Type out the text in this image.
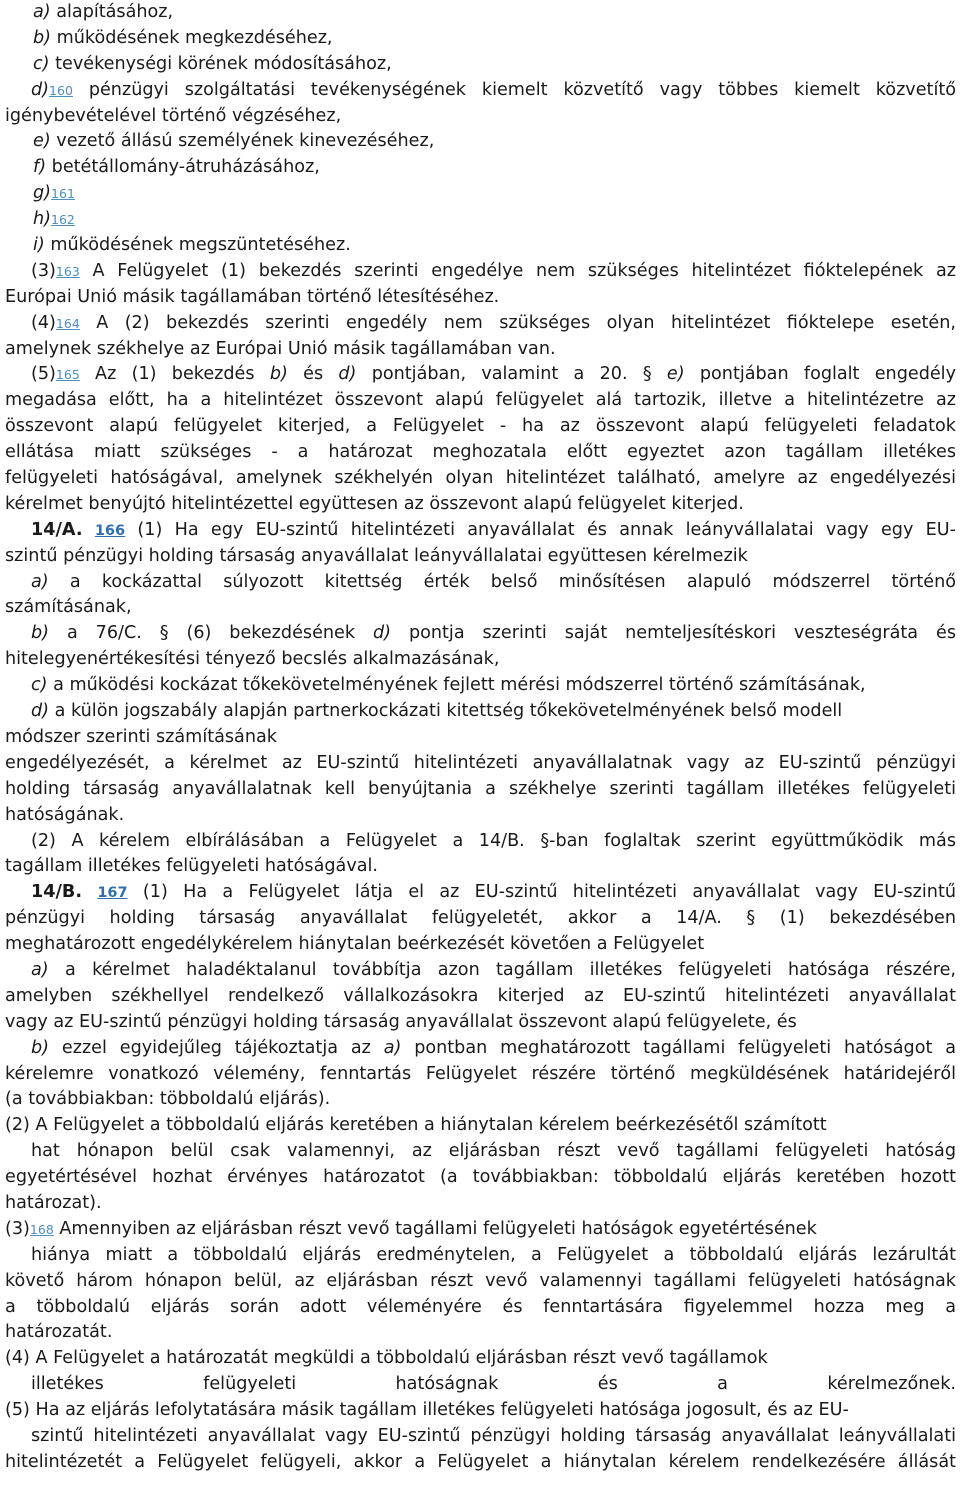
a) alapításához,
b) működésének megkezdéséhez,
c) tevékenységi körének módosításához,
d)160 pénzügyi szolgáltatási tevékenységének kiemelt közvetítő vagy többes kiemelt közvetítő
igénybevételével történő végzéséhez,
e) vezető állású személyének kinevezéséhez,
f) betétállomány-átruházásához,
g)161
h)162
i) működésének megszüntetéséhez.
(3)163 A Felügyelet (1) bekezdés szerinti engedélye nem szükséges hitelintézet fióktelepének az
Európai Unió másik tagállamában történő létesítéséhez.
(4)164 A (2) bekezdés szerinti engedély nem szükséges olyan hitelintézet fióktelepe esetén,
amelynek székhelye az Európai Unió másik tagállamában van.
(5)165 Az (1) bekezdés b) és d) pontjában, valamint a 20. § e) pontjában foglalt engedély
megadása előtt, ha a hitelintézet összevont alapú felügyelet alá tartozik, illetve a hitelintézetre az
összevont alapú felügyelet kiterjed, a Felügyelet - ha az összevont alapú felügyeleti feladatok
ellátása miatt szükséges - a határozat meghozatala előtt egyeztet azon tagállam illetékes
felügyeleti hatóságával, amelynek székhelyén olyan hitelintézet található, amelyre az engedélyezési
kérelmet benyújtó hitelintézettel együttesen az összevont alapú felügyelet kiterjed.
14/A. 166 (1) Ha egy EU-szintű hitelintézeti anyavállalat és annak leányvállalatai vagy egy EU-
szintű pénzügyi holding társaság anyavállalat leányvállalatai együttesen kérelmezik
a) a kockázattal súlyozott kitettség érték belső minősítésen alapuló módszerrel történő
számításának,
b) a 76/C. § (6) bekezdésének d) pontja szerinti saját nemteljesítéskori veszteségráta és
hitelegyenértékesítési tényező becslés alkalmazásának,
c) a működési kockázat tőkekövetelményének fejlett mérési módszerrel történő számításának,
d) a külön jogszabály alapján partnerkockázati kitettség tőkekövetelményének belső modell
módszer szerinti számításának
engedélyezését, a kérelmet az EU-szintű hitelintézeti anyavállalatnak vagy az EU-szintű pénzügyi
holding társaság anyavállalatnak kell benyújtania a székhelye szerinti tagállam illetékes felügyeleti
hatóságának.
(2) A kérelem elbírálásában a Felügyelet a 14/B. §-ban foglaltak szerint együttműködik más
tagállam illetékes felügyeleti hatóságával.
14/B. 167 (1) Ha a Felügyelet látja el az EU-szintű hitelintézeti anyavállalat vagy EU-szintű
pénzügyi holding társaság anyavállalat felügyeletét, akkor a 14/A. § (1) bekezdésében
meghatározott engedélykérelem hiánytalan beérkezését követően a Felügyelet
a) a kérelmet haladéktalanul továbbítja azon tagállam illetékes felügyeleti hatósága részére,
amelyben székhellyel rendelkező vállalkozásokra kiterjed az EU-szintű hitelintézeti anyavállalat
vagy az EU-szintű pénzügyi holding társaság anyavállalat összevont alapú felügyelete, és
b) ezzel egyidejűleg tájékoztatja az a) pontban meghatározott tagállami felügyeleti hatóságot a
kérelemre vonatkozó vélemény, fenntartás Felügyelet részére történő megküldésének határidejéről
(a továbbiakban: többoldalú eljárás).
(2) A Felügyelet a többoldalú eljárás keretében a hiánytalan kérelem beérkezésétől számított
hat hónapon belül csak valamennyi, az eljárásban részt vevő tagállami felügyeleti hatóság
egyetértésével hozhat érvényes határozatot (a továbbiakban: többoldalú eljárás keretében hozott
határozat).
(3)168 Amennyiben az eljárásban részt vevő tagállami felügyeleti hatóságok egyetértésének
hiánya miatt a többoldalú eljárás eredménytelen, a Felügyelet a többoldalú eljárás lezárultát
követő három hónapon belül, az eljárásban részt vevő valamennyi tagállami felügyeleti hatóságnak
a többoldalú eljárás során adott véleményére és fenntartására figyelemmel hozza meg a
határozatát.
(4) A Felügyelet a határozatát megküldi a többoldalú eljárásban részt vevő tagállamok
illetékes felügyeleti hatóságnak és a kérelmezőnek.
(5) Ha az eljárás lefolytatására másik tagállam illetékes felügyeleti hatósága jogosult, és az EU-
szintű hitelintézeti anyavállalat vagy EU-szintű pénzügyi holding társaság anyavállalat leányvállalati
hitelintézetét a Felügyelet felügyeli, akkor a Felügyelet a hiánytalan kérelem rendelkezésére állását
